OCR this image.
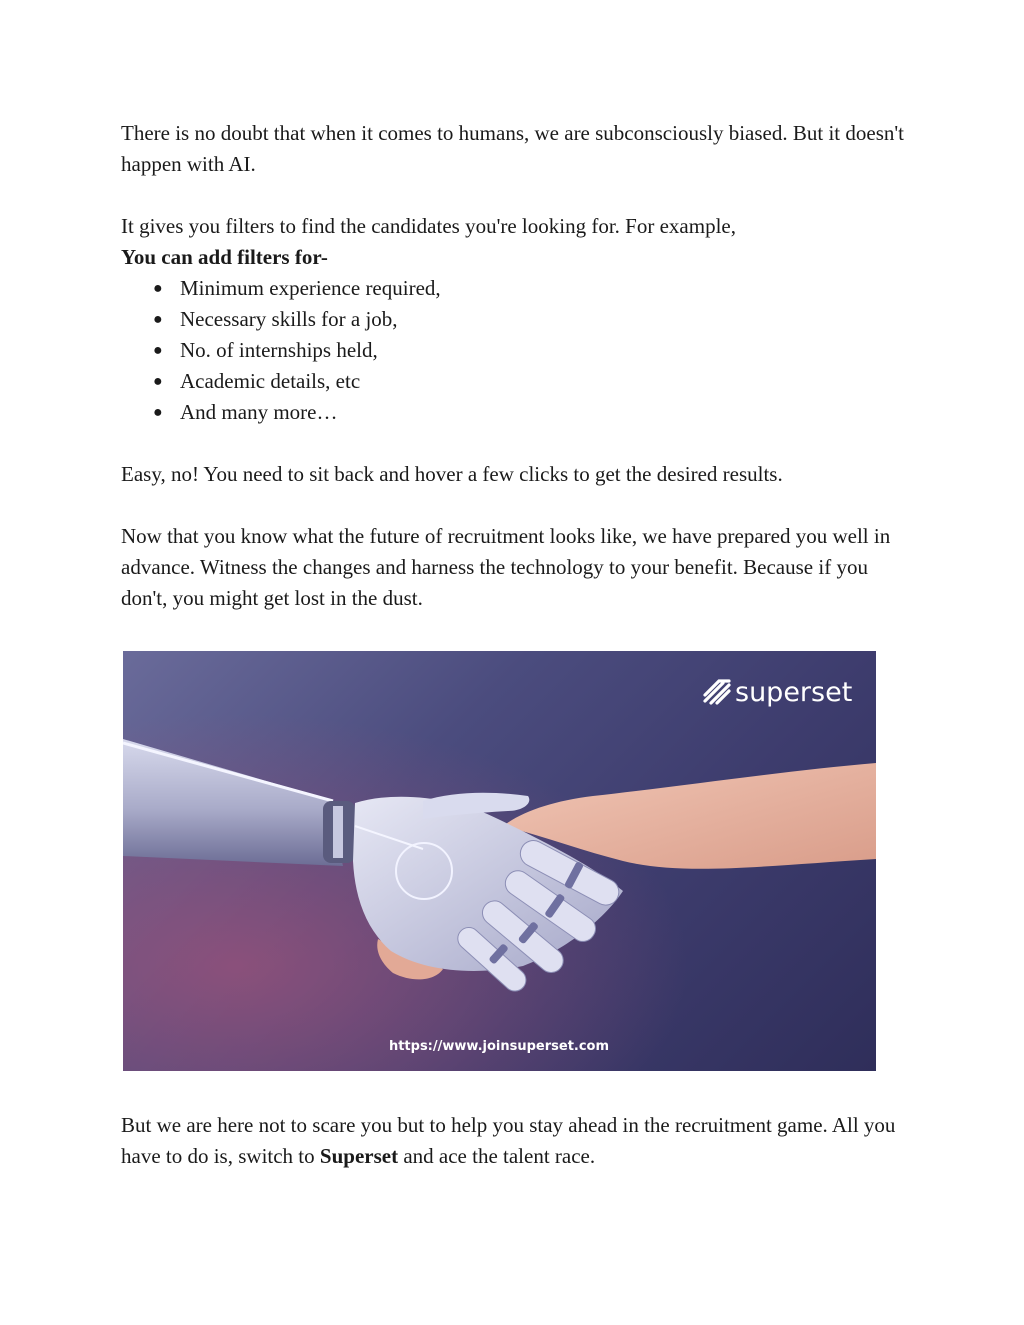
There is no doubt that when it comes to humans, we are subconsciously biased. But it doesn't happen with AI.

It gives you filters to find the candidates you're looking for. For example,

You can add filters for-

● Minimum experience required,
● Necessary skills for a job,
● No. of internships held,
● Academic details, etc
● And many more…

Easy, no! You need to sit back and hover a few clicks to get the desired results.

Now that you know what the future of recruitment looks like, we have prepared you well in advance. Witness the changes and harness the technology to your benefit. Because if you don't, you might get lost in the dust.

superset
https://www.joinsuperset.com

But we are here not to scare you but to help you stay ahead in the recruitment game. All you have to do is, switch to Superset and ace the talent race.
